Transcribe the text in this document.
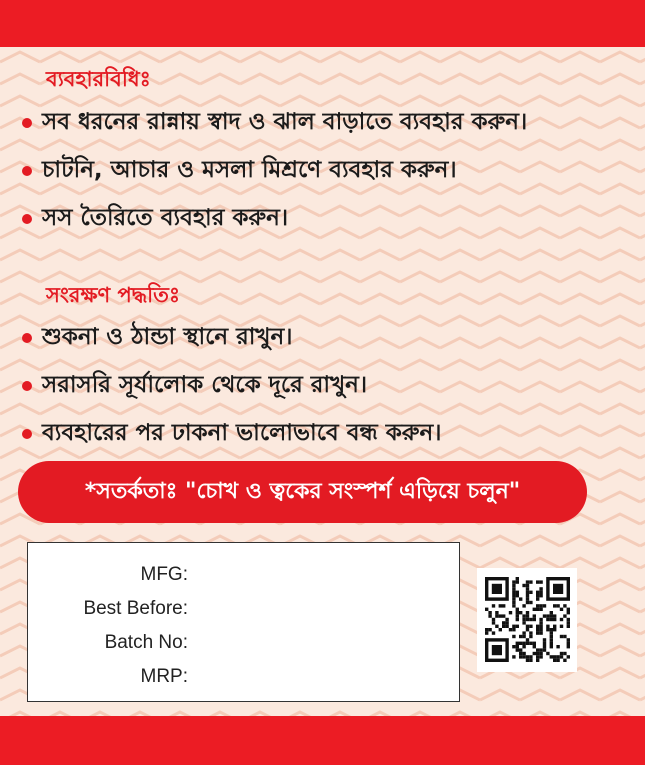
ব্যবহারবিধিঃ
সব ধরনের রান্নায় স্বাদ ও ঝাল বাড়াতে ব্যবহার করুন।
চাটনি, আচার ও মসলা মিশ্রণে ব্যবহার করুন।
সস তৈরিতে ব্যবহার করুন।
সংরক্ষণ পদ্ধতিঃ
শুকনা ও ঠান্ডা স্থানে রাখুন।
সরাসরি সূর্যালোক থেকে দূরে রাখুন।
ব্যবহারের পর ঢাকনা ভালোভাবে বন্ধ করুন।
*সতর্কতাঃ "চোখ ও ত্বকের সংস্পর্শ এড়িয়ে চলুন"
MFG:
Best Before:
Batch No:
MRP:
